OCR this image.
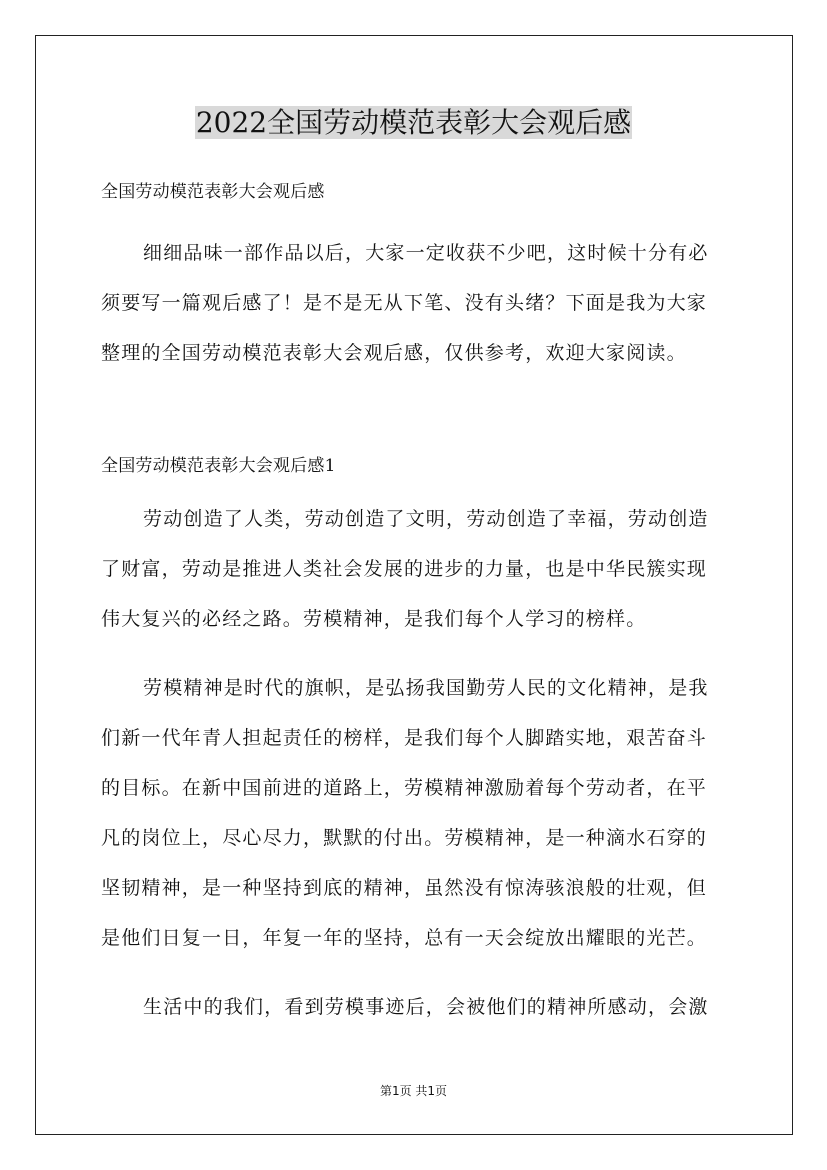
2022全国劳动模范表彰大会观后感
全国劳动模范表彰大会观后感
细细品味一部作品以后，大家一定收获不少吧，这时候十分有必
须要写一篇观后感了！是不是无从下笔、没有头绪？下面是我为大家
整理的全国劳动模范表彰大会观后感，仅供参考，欢迎大家阅读。
全国劳动模范表彰大会观后感1
劳动创造了人类，劳动创造了文明，劳动创造了幸福，劳动创造
了财富，劳动是推进人类社会发展的进步的力量，也是中华民簇实现
伟大复兴的必经之路。劳模精神，是我们每个人学习的榜样。
劳模精神是时代的旗帜，是弘扬我国勤劳人民的文化精神，是我
们新一代年青人担起责任的榜样，是我们每个人脚踏实地，艰苦奋斗
的目标。在新中国前进的道路上，劳模精神激励着每个劳动者，在平
凡的岗位上，尽心尽力，默默的付出。劳模精神，是一种滴水石穿的
坚韧精神，是一种坚持到底的精神，虽然没有惊涛骇浪般的壮观，但
是他们日复一日，年复一年的坚持，总有一天会绽放出耀眼的光芒。
生活中的我们，看到劳模事迹后，会被他们的精神所感动，会激
第1页 共1页
